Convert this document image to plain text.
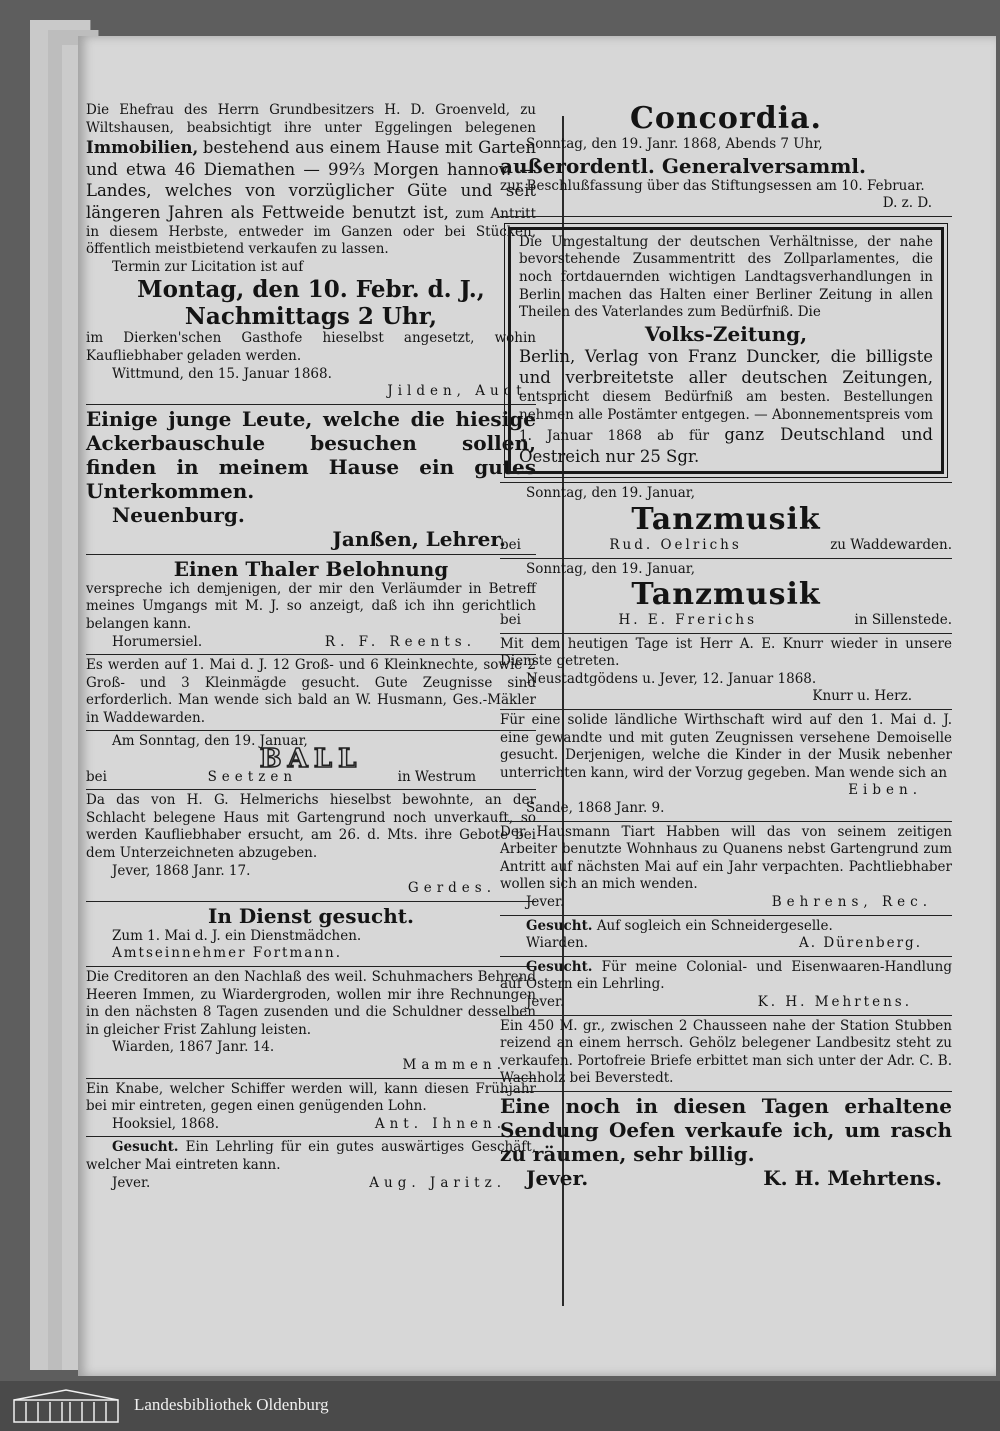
Die Ehefrau des Herrn Grundbesitzers H. D. Groenveld, zu Wiltshausen, beabsichtigt ihre unter Eggelingen belegenen Immobilien, bestehend aus einem Hause mit Garten und etwa 46 Diemathen — 99⅔ Morgen hannov. — Landes, welches von vorzüglicher Güte und seit längeren Jahren als Fettweide benutzt ist, zum Antritt in diesem Herbste, entweder im Ganzen oder bei Stücken, öffentlich meistbietend verkaufen zu lassen.
Termin zur Licitation ist auf
Montag, den 10. Febr. d. J.,
Nachmittags 2 Uhr,
im Dierken'schen Gasthofe hieselbst angesetzt, wohin Kaufliebhaber geladen werden.
Wittmund, den 15. Januar 1868.
Jilden, Auct.
Einige junge Leute, welche die hiesige Ackerbauschule besuchen sollen, finden in meinem Hause ein gutes Unterkommen.
Neuenburg.
Janßen, Lehrer.
Einen Thaler Belohnung
verspreche ich demjenigen, der mir den Verläumder in Betreff meines Umgangs mit M. J. so anzeigt, daß ich ihn gerichtlich belangen kann.
Horumersiel.	R. F. Reents.
Es werden auf 1. Mai d. J. 12 Groß- und 6 Kleinknechte, sowie 2 Groß- und 3 Kleinmägde gesucht. Gute Zeugnisse sind erforderlich. Man wende sich bald an W. Husmann, Ges.-Mäkler in Waddewarden.
Am Sonntag, den 19. Januar,
BALL
bei	Seetzen	in Westrum
Da das von H. G. Helmerichs hieselbst bewohnte, an der Schlacht belegene Haus mit Gartengrund noch unverkauft, so werden Kaufliebhaber ersucht, am 26. d. Mts. ihre Gebote bei dem Unterzeichneten abzugeben.
Jever, 1868 Janr. 17.
Gerdes.
In Dienst gesucht.
Zum 1. Mai d. J. ein Dienstmädchen.
Amtseinnehmer Fortmann.
Die Creditoren an den Nachlaß des weil. Schuhmachers Behrend Heeren Immen, zu Wiardergroden, wollen mir ihre Rechnungen in den nächsten 8 Tagen zusenden und die Schuldner desselben in gleicher Frist Zahlung leisten.
Wiarden, 1867 Janr. 14.
Mammen.
Ein Knabe, welcher Schiffer werden will, kann diesen Frühjahr bei mir eintreten, gegen einen genügenden Lohn.
Hooksiel, 1868.	Ant. Ihnen.
Gesucht. Ein Lehrling für ein gutes auswärtiges Geschäft, welcher Mai eintreten kann.
Jever.	Aug. Jaritz.
Concordia.
Sonntag, den 19. Janr. 1868, Abends 7 Uhr,
außerordentl. Generalversamml.
zur Beschlußfassung über das Stiftungsessen am 10. Februar.
D. z. D.
Die Umgestaltung der deutschen Verhältnisse, der nahe bevorstehende Zusammentritt des Zollparlamentes, die noch fortdauernden wichtigen Landtagsverhandlungen in Berlin machen das Halten einer Berliner Zeitung in allen Theilen des Vaterlandes zum Bedürfniß. Die
Volks-Zeitung,
Berlin, Verlag von Franz Duncker, die billigste und verbreitetste aller deutschen Zeitungen, entspricht diesem Bedürfniß am besten. Bestellungen nehmen alle Postämter entgegen. — Abonnementspreis vom 1. Januar 1868 ab für ganz Deutschland und Oestreich nur 25 Sgr.
Sonntag, den 19. Januar,
Tanzmusik
bei	Rud. Oelrichs	zu Waddewarden.
Sonntag, den 19. Januar,
Tanzmusik
bei	H. E. Frerichs	in Sillenstede.
Mit dem heutigen Tage ist Herr A. E. Knurr wieder in unsere Dienste getreten.
Neustadtgödens u. Jever, 12. Januar 1868.
Knurr u. Herz.
Für eine solide ländliche Wirthschaft wird auf den 1. Mai d. J. eine gewandte und mit guten Zeugnissen versehene Demoiselle gesucht. Derjenigen, welche die Kinder in der Musik nebenher unterrichten kann, wird der Vorzug gegeben. Man wende sich an
Eiben.
Sande, 1868 Janr. 9.
Der Hausmann Tiart Habben will das von seinem zeitigen Arbeiter benutzte Wohnhaus zu Quanens nebst Gartengrund zum Antritt auf nächsten Mai auf ein Jahr verpachten. Pachtliebhaber wollen sich an mich wenden.
Jever.	Behrens, Rec.
Gesucht. Auf sogleich ein Schneidergeselle.
Wiarden.	A. Dürenberg.
Gesucht. Für meine Colonial- und Eisenwaaren-Handlung auf Ostern ein Lehrling.
Jever.	K. H. Mehrtens.
Ein 450 M. gr., zwischen 2 Chausseen nahe der Station Stubben reizend an einem herrsch. Gehölz belegener Landbesitz steht zu verkaufen. Portofreie Briefe erbittet man sich unter der Adr. C. B. Wachholz bei Beverstedt.
Eine noch in diesen Tagen erhaltene Sendung Oefen verkaufe ich, um rasch zu räumen, sehr billig.
Jever.	K. H. Mehrtens.
Landesbibliothek Oldenburg
